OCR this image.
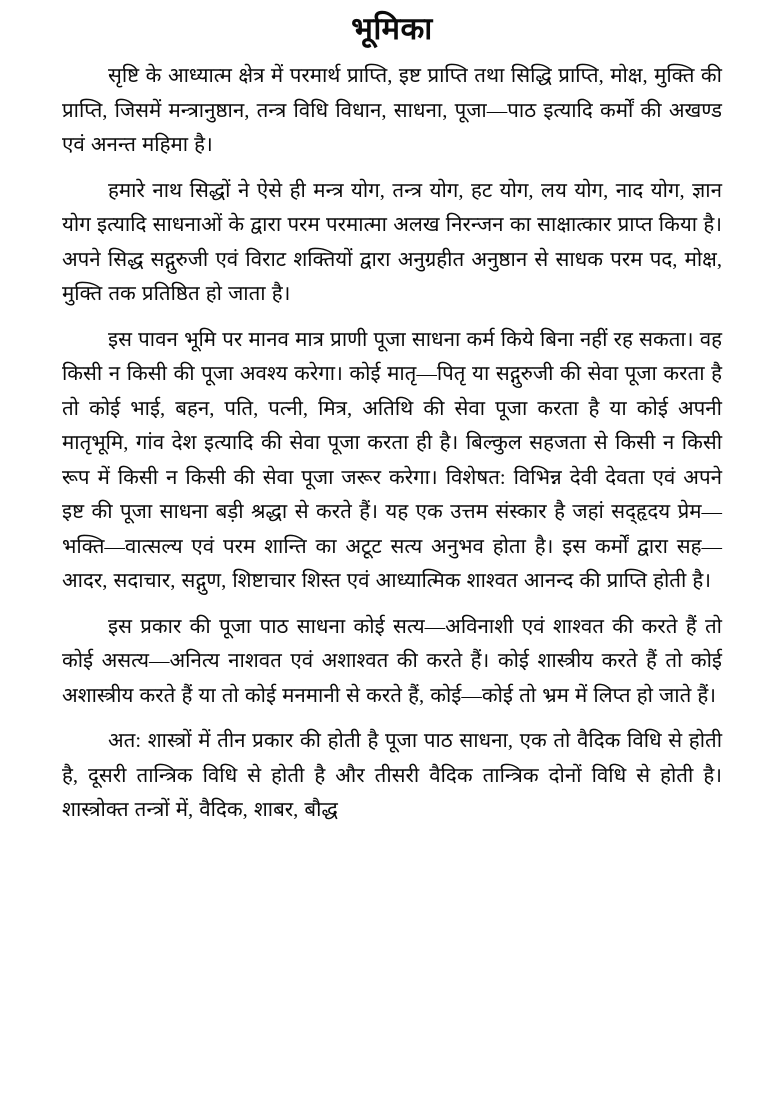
भूमिका

सृष्टि के आध्यात्म क्षेत्र में परमार्थ प्राप्ति, इष्ट प्राप्ति तथा सिद्धि प्राप्ति, मोक्ष, मुक्ति की प्राप्ति, जिसमें मन्त्रानुष्ठान, तन्त्र विधि विधान, साधना, पूजा—पाठ इत्यादि कर्मों की अखण्ड एवं अनन्त महिमा है।

हमारे नाथ सिद्धों ने ऐसे ही मन्त्र योग, तन्त्र योग, हट योग, लय योग, नाद योग, ज्ञान योग इत्यादि साधनाओं के द्वारा परम परमात्मा अलख निरन्जन का साक्षात्कार प्राप्त किया है। अपने सिद्ध सद्गुरुजी एवं विराट शक्तियों द्वारा अनुग्रहीत अनुष्ठान से साधक परम पद, मोक्ष, मुक्ति तक प्रतिष्ठित हो जाता है।

इस पावन भूमि पर मानव मात्र प्राणी पूजा साधना कर्म किये बिना नहीं रह सकता। वह किसी न किसी की पूजा अवश्य करेगा। कोई मातृ—पितृ या सद्गुरुजी की सेवा पूजा करता है तो कोई भाई, बहन, पति, पत्नी, मित्र, अतिथि की सेवा पूजा करता है या कोई अपनी मातृभूमि, गांव देश इत्यादि की सेवा पूजा करता ही है। बिल्कुल सहजता से किसी न किसी रूप में किसी न किसी की सेवा पूजा जरूर करेगा। विशेषत: विभिन्न देवी देवता एवं अपने इष्ट की पूजा साधना बड़ी श्रद्धा से करते हैं। यह एक उत्तम संस्कार है जहां सद्हृदय प्रेम—भक्ति—वात्सल्य एवं परम शान्ति का अटूट सत्य अनुभव होता है। इस कर्मों द्वारा सह—आदर, सदाचार, सद्गुण, शिष्टाचार शिस्त एवं आध्यात्मिक शाश्वत आनन्द की प्राप्ति होती है।

इस प्रकार की पूजा पाठ साधना कोई सत्य—अविनाशी एवं शाश्वत की करते हैं तो कोई असत्य—अनित्य नाशवत एवं अशाश्वत की करते हैं। कोई शास्त्रीय करते हैं तो कोई अशास्त्रीय करते हैं या तो कोई मनमानी से करते हैं, कोई—कोई तो भ्रम में लिप्त हो जाते हैं।

अत: शास्त्रों में तीन प्रकार की होती है पूजा पाठ साधना, एक तो वैदिक विधि से होती है, दूसरी तान्त्रिक विधि से होती है और तीसरी वैदिक तान्त्रिक दोनों विधि से होती है। शास्त्रोक्त तन्त्रों में, वैदिक, शाबर, बौद्ध
